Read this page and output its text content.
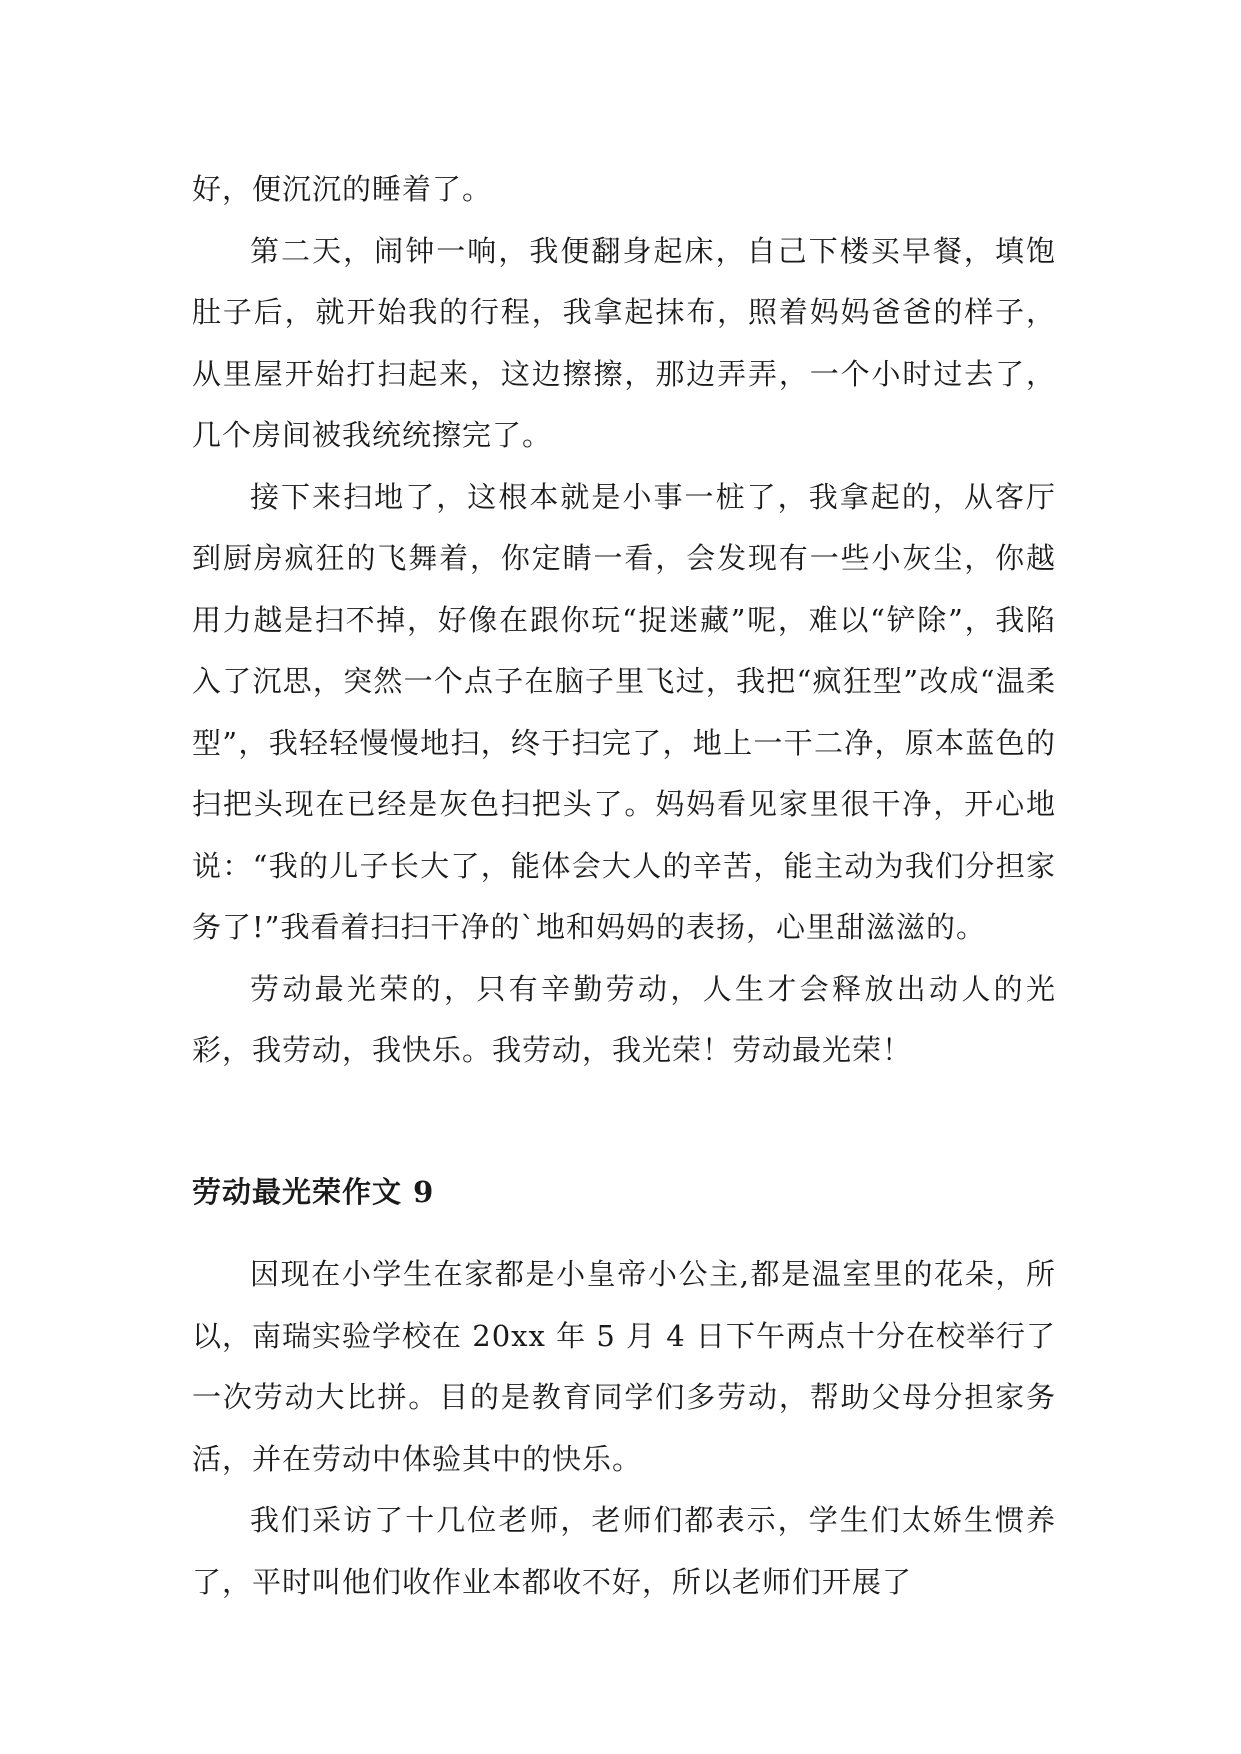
好，便沉沉的睡着了。

第二天，闹钟一响，我便翻身起床，自己下楼买早餐，填饱肚子后，就开始我的行程，我拿起抹布，照着妈妈爸爸的样子，从里屋开始打扫起来，这边擦擦，那边弄弄，一个小时过去了，几个房间被我统统擦完了。

接下来扫地了，这根本就是小事一桩了，我拿起的，从客厅到厨房疯狂的飞舞着，你定睛一看，会发现有一些小灰尘，你越用力越是扫不掉，好像在跟你玩“捉迷藏”呢，难以“铲除”，我陷入了沉思，突然一个点子在脑子里飞过，我把“疯狂型”改成“温柔型”，我轻轻慢慢地扫，终于扫完了，地上一干二净，原本蓝色的扫把头现在已经是灰色扫把头了。妈妈看见家里很干净，开心地说：“我的儿子长大了，能体会大人的辛苦，能主动为我们分担家务了!”我看着扫扫干净的`地和妈妈的表扬，心里甜滋滋的。

劳动最光荣的，只有辛勤劳动，人生才会释放出动人的光彩，我劳动，我快乐。我劳动，我光荣！劳动最光荣！

劳动最光荣作文 9

因现在小学生在家都是小皇帝小公主,都是温室里的花朵，所以，南瑞实验学校在 20xx 年 5 月 4 日下午两点十分在校举行了一次劳动大比拼。目的是教育同学们多劳动，帮助父母分担家务活，并在劳动中体验其中的快乐。

我们采访了十几位老师，老师们都表示，学生们太娇生惯养了，平时叫他们收作业本都收不好，所以老师们开展了
